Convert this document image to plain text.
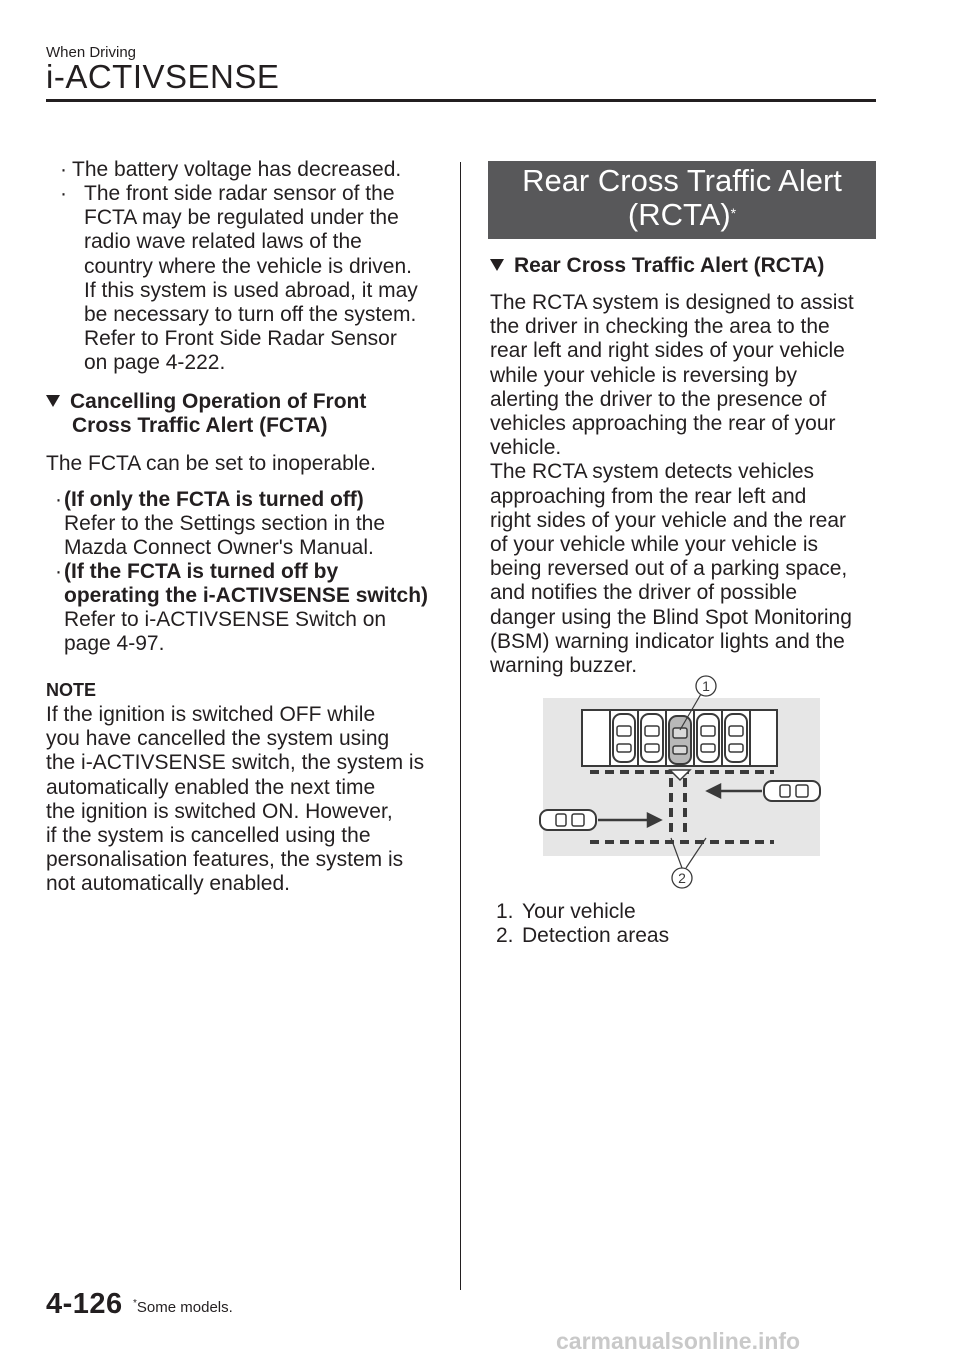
When Driving
i-ACTIVSENSE
· The battery voltage has decreased.
· The front side radar sensor of the
FCTA may be regulated under the
radio wave related laws of the
country where the vehicle is driven.
If this system is used abroad, it may
be necessary to turn off the system.
Refer to Front Side Radar Sensor
on page 4-222.
Cancelling Operation of Front
Cross Traffic Alert (FCTA)
The FCTA can be set to inoperable.
· (If only the FCTA is turned off)
Refer to the Settings section in the
Mazda Connect Owner's Manual.
· (If the FCTA is turned off by
operating the i-ACTIVSENSE switch)
Refer to i-ACTIVSENSE Switch on
page 4-97.
NOTE
If the ignition is switched OFF while
you have cancelled the system using
the i-ACTIVSENSE switch, the system is
automatically enabled the next time
the ignition is switched ON. However,
if the system is cancelled using the
personalisation features, the system is
not automatically enabled.
Rear Cross Traffic Alert
(RCTA)*
Rear Cross Traffic Alert (RCTA)
The RCTA system is designed to assist
the driver in checking the area to the
rear left and right sides of your vehicle
while your vehicle is reversing by
alerting the driver to the presence of
vehicles approaching the rear of your
vehicle.
The RCTA system detects vehicles
approaching from the rear left and
right sides of your vehicle and the rear
of your vehicle while your vehicle is
being reversed out of a parking space,
and notifies the driver of possible
danger using the Blind Spot Monitoring
(BSM) warning indicator lights and the
warning buzzer.
1
2
1. Your vehicle
2. Detection areas
4-126 *Some models.
carmanualsonline.info
